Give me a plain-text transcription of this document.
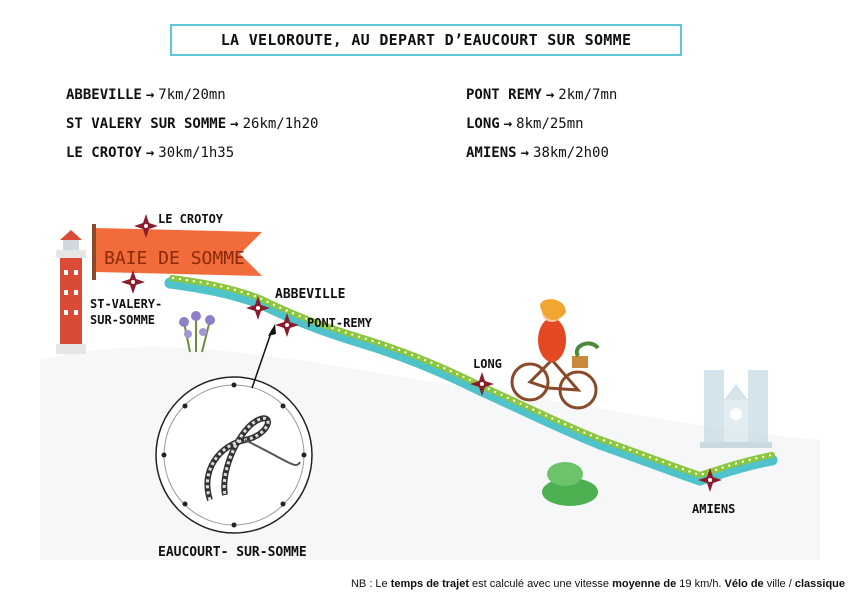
LA VELOROUTE, AU DEPART D’EAUCOURT SUR SOMME
ABBEVILLE → 7km/20mn
ST VALERY SUR SOMME → 26km/1h20
LE CROTOY → 30km/1h35
PONT REMY → 2km/7mn
LONG → 8km/25mn
AMIENS → 38km/2h00
BAIE DE SOMME
LE CROTOY
ST-VALERY-
SUR-SOMME
ABBEVILLE
PONT-REMY
LONG
AMIENS
EAUCOURT- SUR-SOMME
NB : Le temps de trajet est calculé avec une vitesse moyenne de 19 km/h. Vélo de ville / classique
